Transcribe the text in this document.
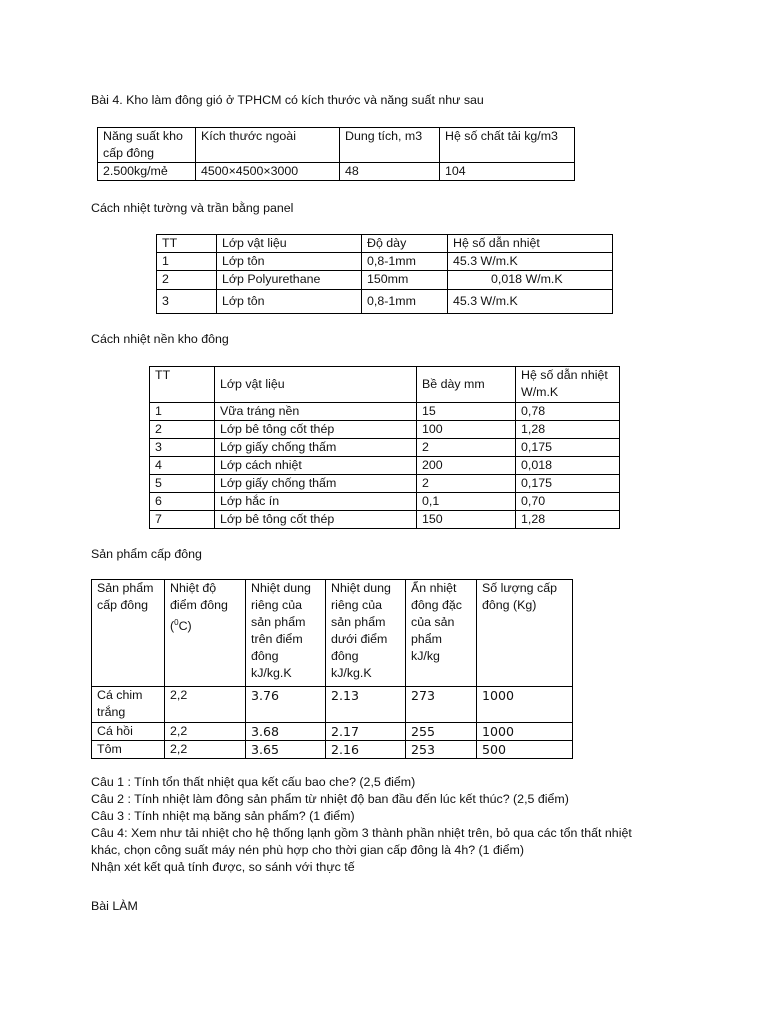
Bài 4. Kho làm đông gió ở TPHCM có kích thước và năng suất như sau

Năng suất kho cấp đông	Kích thước ngoài	Dung tích, m3	Hệ số chất tải kg/m3
2.500kg/mẻ	4500×4500×3000	48	104

Cách nhiệt tường và trần bằng panel

TT	Lớp vật liệu	Độ dày	Hệ số dẫn nhiệt
1	Lớp tôn	0,8-1mm	45.3 W/m.K
2	Lớp Polyurethane	150mm	0,018 W/m.K
3	Lớp tôn	0,8-1mm	45.3 W/m.K

Cách nhiệt nền kho đông

TT	Lớp vật liệu	Bề dày mm	Hệ số dẫn nhiệt W/m.K
1	Vữa tráng nền	15	0,78
2	Lớp bê tông cốt thép	100	1,28
3	Lớp giấy chống thấm	2	0,175
4	Lớp cách nhiệt	200	0,018
5	Lớp giấy chống thấm	2	0,175
6	Lớp hắc ín	0,1	0,70
7	Lớp bê tông cốt thép	150	1,28

Sản phẩm cấp đông

Sản phẩm cấp đông	Nhiệt độ điểm đông ($^0$C)	Nhiệt dung riêng của sản phẩm trên điểm đông kJ/kg.K	Nhiệt dung riêng của sản phẩm dưới điểm đông kJ/kg.K	Ẩn nhiệt đông đặc của sản phẩm kJ/kg	Số lượng cấp đông (Kg)
Cá chim trắng	2,2	3.76	2.13	273	1000
Cá hồi	2,2	3.68	2.17	255	1000
Tôm	2,2	3.65	2.16	253	500
Câu 1 : Tính tổn thất nhiệt qua kết cấu bao che? (2,5 điểm)
Câu 2 : Tính nhiệt làm đông sản phẩm từ nhiệt độ ban đầu đến lúc kết thúc? (2,5 điểm)
Câu 3 : Tính nhiệt mạ băng sản phẩm? (1 điểm)
Câu 4: Xem như tải nhiệt cho hệ thống lạnh gồm 3 thành phần nhiệt trên, bỏ qua các tổn thất nhiệt
khác, chọn công suất máy nén phù hợp cho thời gian cấp đông là 4h? (1 điểm)
Nhận xét kết quả tính được, so sánh với thực tế

Bài LÀM
